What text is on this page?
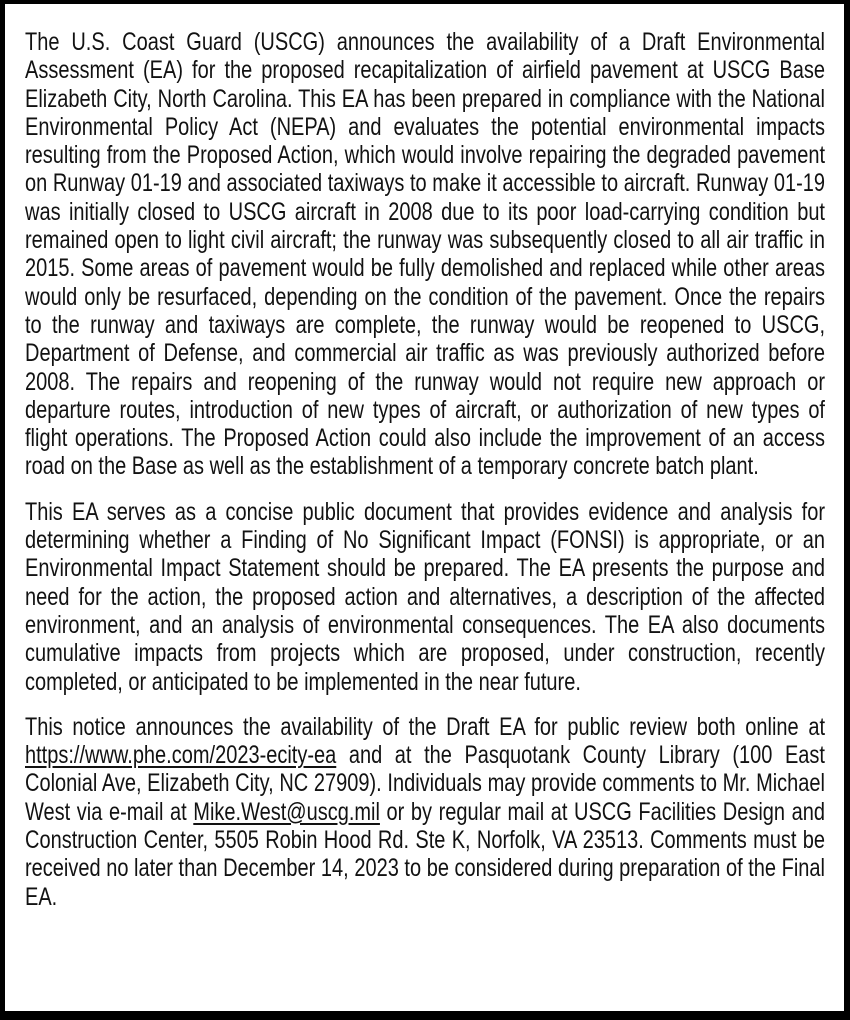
The U.S. Coast Guard (USCG) announces the availability of a Draft Environmental Assessment (EA) for the proposed recapitalization of airfield pavement at USCG Base Elizabeth City, North Carolina. This EA has been prepared in compliance with the National Environmental Policy Act (NEPA) and evaluates the potential environmental impacts resulting from the Proposed Action, which would involve repairing the degraded pavement on Runway 01-19 and associated taxiways to make it accessible to aircraft. Runway 01-19 was initially closed to USCG aircraft in 2008 due to its poor load-carrying condition but remained open to light civil aircraft; the runway was subsequently closed to all air traffic in 2015. Some areas of pavement would be fully demolished and replaced while other areas would only be resurfaced, depending on the condition of the pavement. Once the repairs to the runway and taxiways are complete, the runway would be reopened to USCG, Department of Defense, and commercial air traffic as was previously authorized before 2008. The repairs and reopening of the runway would not require new approach or departure routes, introduction of new types of aircraft, or authorization of new types of flight operations. The Proposed Action could also include the improvement of an access road on the Base as well as the establishment of a temporary concrete batch plant.

This EA serves as a concise public document that provides evidence and analysis for determining whether a Finding of No Significant Impact (FONSI) is appropriate, or an Environmental Impact Statement should be prepared. The EA presents the purpose and need for the action, the proposed action and alternatives, a description of the affected environment, and an analysis of environmental consequences. The EA also documents cumulative impacts from projects which are proposed, under construction, recently completed, or anticipated to be implemented in the near future.

This notice announces the availability of the Draft EA for public review both online at https://www.phe.com/2023-ecity-ea and at the Pasquotank County Library (100 East Colonial Ave, Elizabeth City, NC 27909). Individuals may provide comments to Mr. Michael West via e-mail at Mike.West@uscg.mil or by regular mail at USCG Facilities Design and Construction Center, 5505 Robin Hood Rd. Ste K, Norfolk, VA 23513. Comments must be received no later than December 14, 2023 to be considered during preparation of the Final EA.
